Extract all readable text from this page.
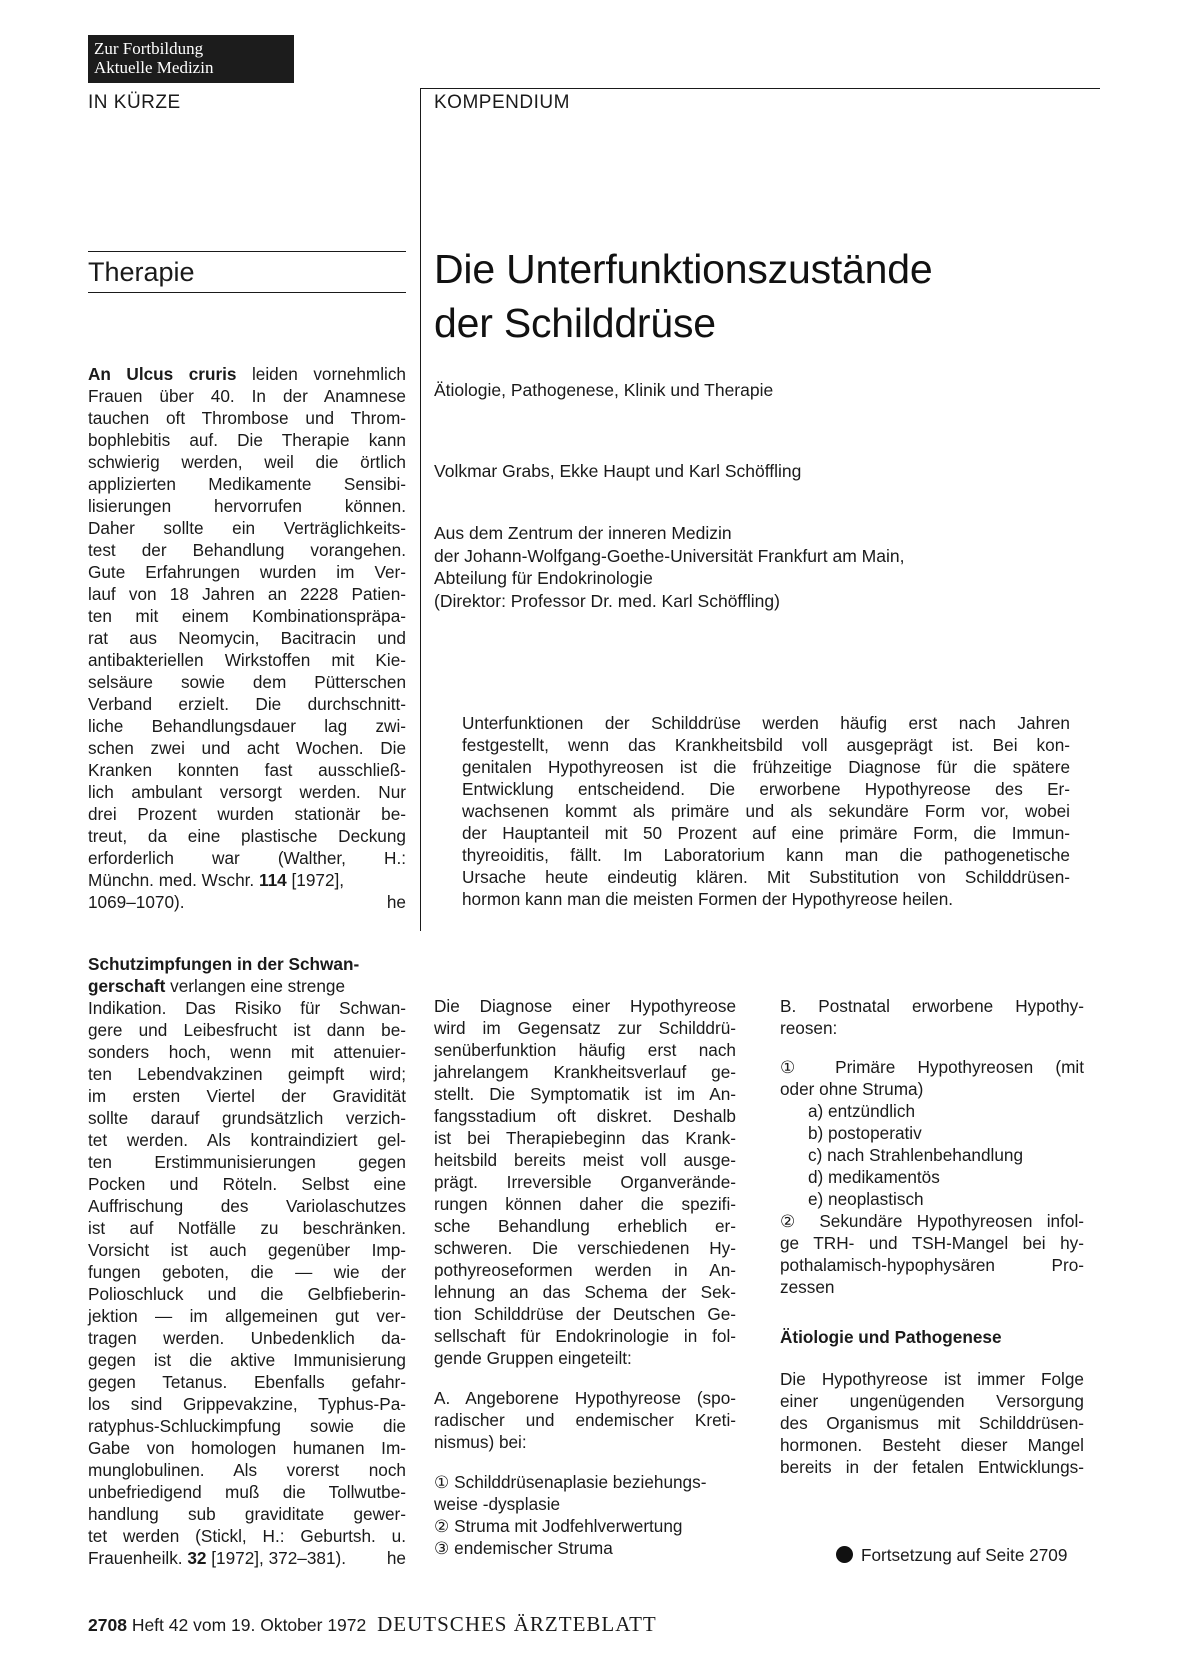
Zur Fortbildung
Aktuelle Medizin
IN KÜRZE	KOMPENDIUM
Therapie
An Ulcus cruris leiden vornehmlich
Frauen über 40. In der Anamnese
tauchen oft Thrombose und Throm-
bophlebitis auf. Die Therapie kann
schwierig werden, weil die örtlich
applizierten Medikamente Sensibi-
lisierungen hervorrufen können.
Daher sollte ein Verträglichkeits-
test der Behandlung vorangehen.
Gute Erfahrungen wurden im Ver-
lauf von 18 Jahren an 2228 Patien-
ten mit einem Kombinationspräpa-
rat aus Neomycin, Bacitracin und
antibakteriellen Wirkstoffen mit Kie-
selsäure sowie dem Pütterschen
Verband erzielt. Die durchschnitt-
liche Behandlungsdauer lag zwi-
schen zwei und acht Wochen. Die
Kranken konnten fast ausschließ-
lich ambulant versorgt werden. Nur
drei Prozent wurden stationär be-
treut, da eine plastische Deckung
erforderlich war (Walther, H.:
Münchn. med. Wschr. 114 [1972],
1069–1070).	he
Schutzimpfungen in der Schwan-
gerschaft verlangen eine strenge
Indikation. Das Risiko für Schwan-
gere und Leibesfrucht ist dann be-
sonders hoch, wenn mit attenuier-
ten Lebendvakzinen geimpft wird;
im ersten Viertel der Gravidität
sollte darauf grundsätzlich verzich-
tet werden. Als kontraindiziert gel-
ten Erstimmunisierungen gegen
Pocken und Röteln. Selbst eine
Auffrischung des Variolaschutzes
ist auf Notfälle zu beschränken.
Vorsicht ist auch gegenüber Imp-
fungen geboten, die — wie der
Polioschluck und die Gelbfieberin-
jektion — im allgemeinen gut ver-
tragen werden. Unbedenklich da-
gegen ist die aktive Immunisierung
gegen Tetanus. Ebenfalls gefahr-
los sind Grippevakzine, Typhus-Pa-
ratyphus-Schluckimpfung sowie die
Gabe von homologen humanen Im-
munglobulinen. Als vorerst noch
unbefriedigend muß die Tollwutbe-
handlung sub graviditate gewer-
tet werden (Stickl, H.: Geburtsh. u.
Frauenheilk. 32 [1972], 372–381). he
Die Unterfunktionszustände
der Schilddrüse
Ätiologie, Pathogenese, Klinik und Therapie
Volkmar Grabs, Ekke Haupt und Karl Schöffling
Aus dem Zentrum der inneren Medizin
der Johann-Wolfgang-Goethe-Universität Frankfurt am Main,
Abteilung für Endokrinologie
(Direktor: Professor Dr. med. Karl Schöffling)
Unterfunktionen der Schilddrüse werden häufig erst nach Jahren
festgestellt, wenn das Krankheitsbild voll ausgeprägt ist. Bei kon-
genitalen Hypothyreosen ist die frühzeitige Diagnose für die spätere
Entwicklung entscheidend. Die erworbene Hypothyreose des Er-
wachsenen kommt als primäre und als sekundäre Form vor, wobei
der Hauptanteil mit 50 Prozent auf eine primäre Form, die Immun-
thyreoiditis, fällt. Im Laboratorium kann man die pathogenetische
Ursache heute eindeutig klären. Mit Substitution von Schilddrüsen-
hormon kann man die meisten Formen der Hypothyreose heilen.
Die Diagnose einer Hypothyreose
wird im Gegensatz zur Schilddrü-
senüberfunktion häufig erst nach
jahrelangem Krankheitsverlauf ge-
stellt. Die Symptomatik ist im An-
fangsstadium oft diskret. Deshalb
ist bei Therapiebeginn das Krank-
heitsbild bereits meist voll ausge-
prägt. Irreversible Organverände-
rungen können daher die spezifi-
sche Behandlung erheblich er-
schweren. Die verschiedenen Hy-
pothyreoseformen werden in An-
lehnung an das Schema der Sek-
tion Schilddrüse der Deutschen Ge-
sellschaft für Endokrinologie in fol-
gende Gruppen eingeteilt:
A. Angeborene Hypothyreose (spo-
radischer und endemischer Kreti-
nismus) bei:
① Schilddrüsenaplasie beziehungs-
weise -dysplasie
② Struma mit Jodfehlverwertung
③ endemischer Struma
B. Postnatal erworbene Hypothy-
reosen:
① Primäre Hypothyreosen (mit
oder ohne Struma)
a) entzündlich
b) postoperativ
c) nach Strahlenbehandlung
d) medikamentös
e) neoplastisch
② Sekundäre Hypothyreosen infol-
ge TRH- und TSH-Mangel bei hy-
pothalamisch-hypophysären Pro-
zessen
Ätiologie und Pathogenese
Die Hypothyreose ist immer Folge
einer ungenügenden Versorgung
des Organismus mit Schilddrüsen-
hormonen. Besteht dieser Mangel
bereits in der fetalen Entwicklungs-
Fortsetzung auf Seite 2709
2708 Heft 42 vom 19. Oktober 1972 DEUTSCHES ÄRZTEBLATT
